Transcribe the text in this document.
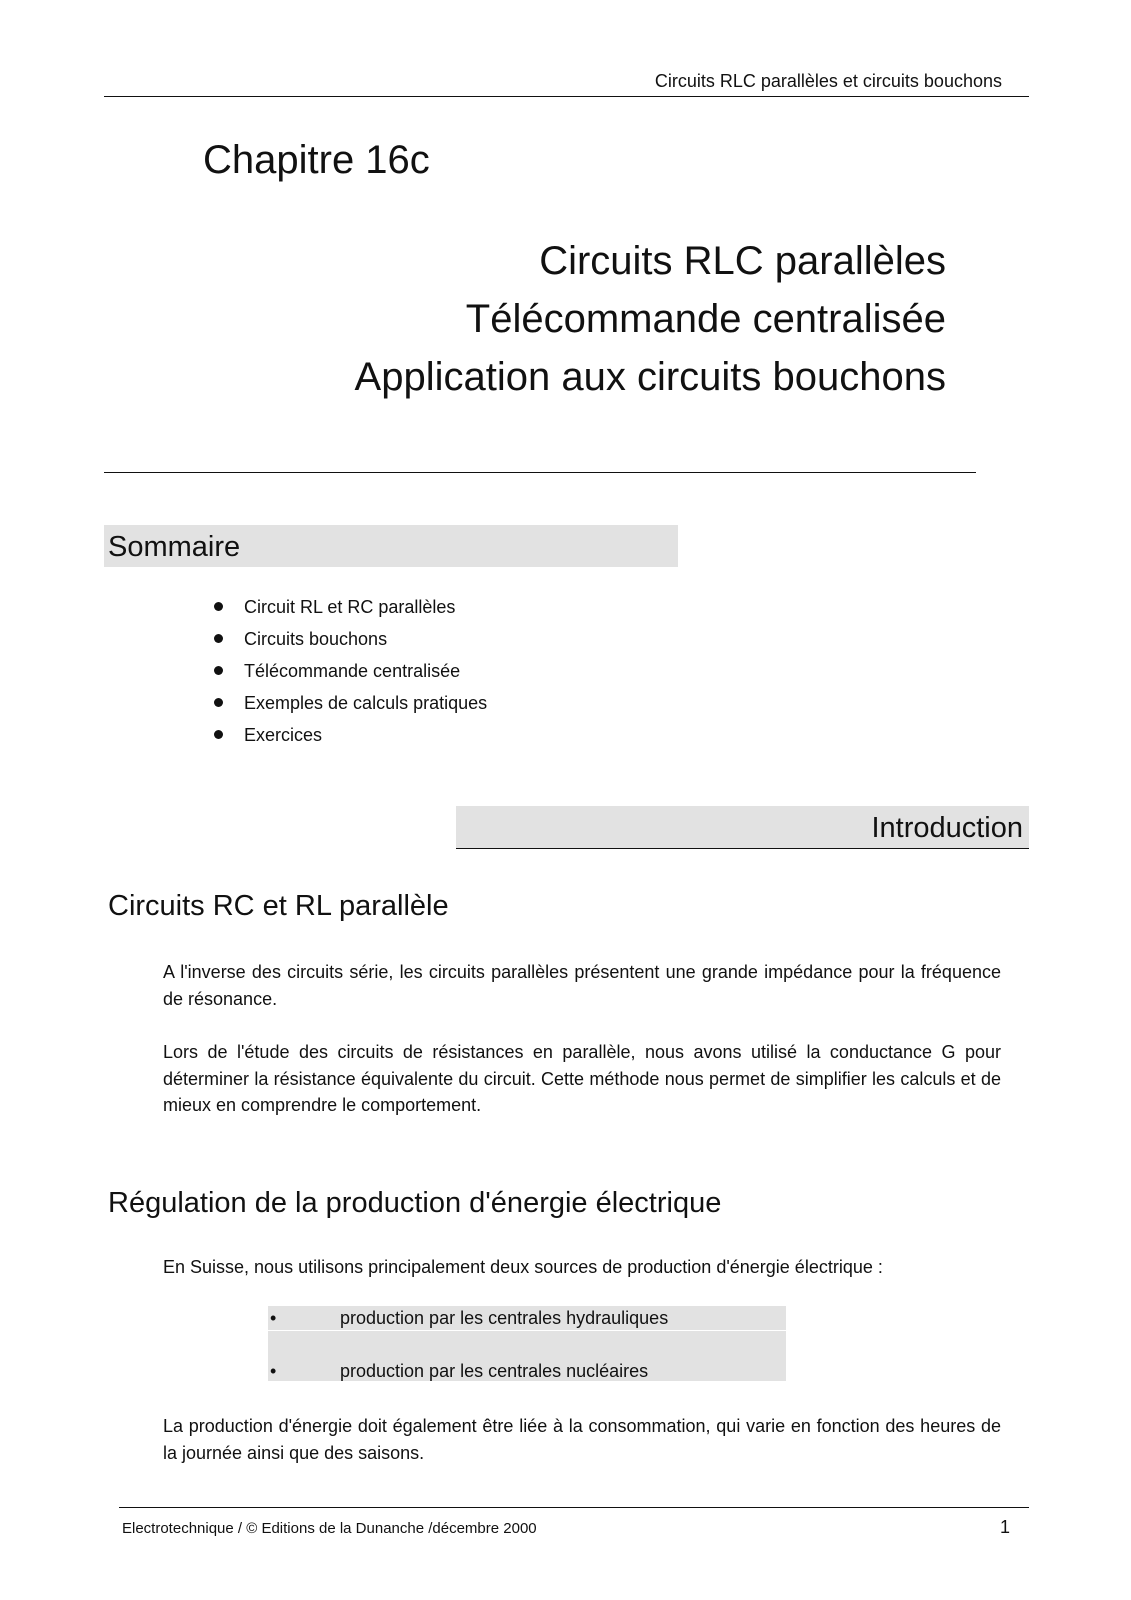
Circuits RLC parallèles et circuits bouchons
Chapitre 16c
Circuits RLC parallèles
Télécommande centralisée
Application aux circuits bouchons
Sommaire
Circuit RL et RC parallèles
Circuits bouchons
Télécommande centralisée
Exemples de calculs pratiques
Exercices
Introduction
Circuits RC et RL parallèle

A l'inverse des circuits série, les circuits parallèles présentent une grande impédance pour la fréquence de résonance.

Lors de l'étude des circuits de résistances en parallèle, nous avons utilisé la conductance G pour déterminer la résistance équivalente du circuit. Cette méthode nous permet de simplifier les calculs et de mieux en comprendre le comportement.

Régulation de la production d'énergie électrique

En Suisse, nous utilisons principalement deux sources de production d'énergie électrique :

•	production par les centrales hydrauliques
•	production par les centrales nucléaires

La production d'énergie doit également être liée à la consommation, qui varie en fonction des heures de la journée ainsi que des saisons.

Electrotechnique / © Editions de la Dunanche /décembre 2000	1
